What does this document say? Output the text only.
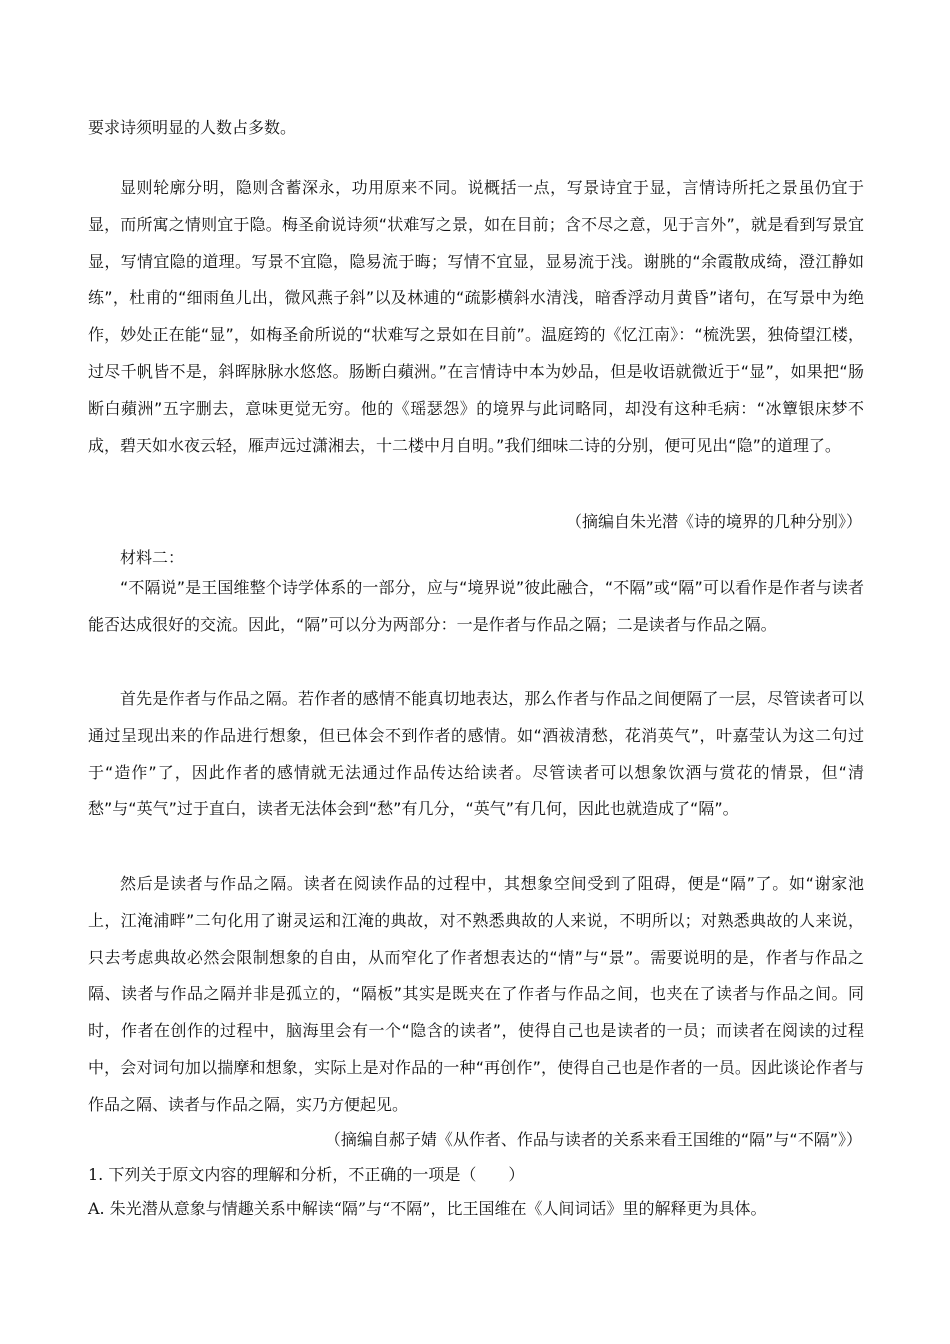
要求诗须明显的人数占多数。

显则轮廓分明，隐则含蓄深永，功用原来不同。说概括一点，写景诗宜于显，言情诗所托之景虽仍宜于显，而所寓之情则宜于隐。梅圣俞说诗须“状难写之景，如在目前；含不尽之意，见于言外”，就是看到写景宜显，写情宜隐的道理。写景不宜隐，隐易流于晦；写情不宜显，显易流于浅。谢朓的“余霞散成绮，澄江静如练”，杜甫的“细雨鱼儿出，微风燕子斜”以及林逋的“疏影横斜水清浅，暗香浮动月黄昏”诸句，在写景中为绝作，妙处正在能“显”，如梅圣俞所说的“状难写之景如在目前”。温庭筠的《忆江南》：“梳洗罢，独倚望江楼，过尽千帆皆不是，斜晖脉脉水悠悠。肠断白蘋洲。”在言情诗中本为妙品，但是收语就微近于“显”，如果把“肠断白蘋洲”五字删去，意味更觉无穷。他的《瑶瑟怨》的境界与此词略同，却没有这种毛病：“冰簟银床梦不成，碧天如水夜云轻，雁声远过潇湘去，十二楼中月自明。”我们细味二诗的分别，便可见出“隐”的道理了。

（摘编自朱光潜《诗的境界的几种分别》）

材料二：

“不隔说”是王国维整个诗学体系的一部分，应与“境界说”彼此融合，“不隔”或“隔”可以看作是作者与读者能否达成很好的交流。因此，“隔”可以分为两部分：一是作者与作品之隔；二是读者与作品之隔。

首先是作者与作品之隔。若作者的感情不能真切地表达，那么作者与作品之间便隔了一层，尽管读者可以通过呈现出来的作品进行想象，但已体会不到作者的感情。如“酒祓清愁，花消英气”，叶嘉莹认为这二句过于“造作”了，因此作者的感情就无法通过作品传达给读者。尽管读者可以想象饮酒与赏花的情景，但“清愁”与“英气”过于直白，读者无法体会到“愁”有几分，“英气”有几何，因此也就造成了“隔”。

然后是读者与作品之隔。读者在阅读作品的过程中，其想象空间受到了阻碍，便是“隔”了。如“谢家池上，江淹浦畔”二句化用了谢灵运和江淹的典故，对不熟悉典故的人来说，不明所以；对熟悉典故的人来说，只去考虑典故必然会限制想象的自由，从而窄化了作者想表达的“情”与“景”。需要说明的是，作者与作品之隔、读者与作品之隔并非是孤立的，“隔板”其实是既夹在了作者与作品之间，也夹在了读者与作品之间。同时，作者在创作的过程中，脑海里会有一个“隐含的读者”，使得自己也是读者的一员；而读者在阅读的过程中，会对词句加以揣摩和想象，实际上是对作品的一种“再创作”，使得自己也是作者的一员。因此谈论作者与作品之隔、读者与作品之隔，实乃方便起见。

（摘编自郝子婧《从作者、作品与读者的关系来看王国维的“隔”与“不隔”》）

1. 下列关于原文内容的理解和分析，不正确的一项是（　　）

A. 朱光潜从意象与情趣关系中解读“隔”与“不隔”，比王国维在《人间词话》里的解释更为具体。
